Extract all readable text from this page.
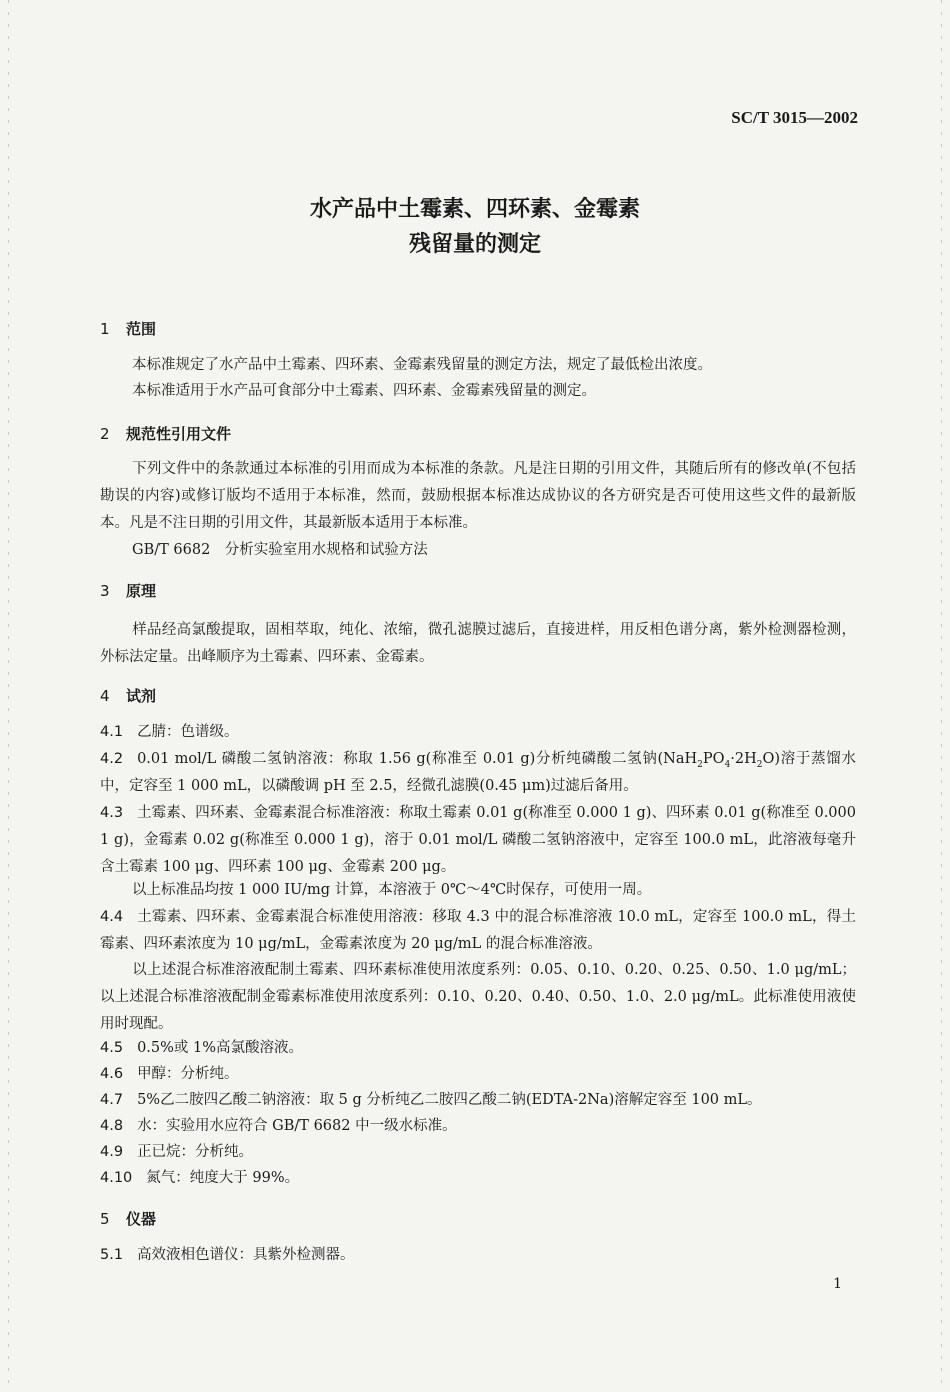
SC/T 3015—2002
水产品中土霉素、四环素、金霉素
残留量的测定
1 范围
本标准规定了水产品中土霉素、四环素、金霉素残留量的测定方法，规定了最低检出浓度。
本标准适用于水产品可食部分中土霉素、四环素、金霉素残留量的测定。
2 规范性引用文件
下列文件中的条款通过本标准的引用而成为本标准的条款。凡是注日期的引用文件，其随后所有的修改单(不包括勘误的内容)或修订版均不适用于本标准，然而，鼓励根据本标准达成协议的各方研究是否可使用这些文件的最新版本。凡是不注日期的引用文件，其最新版本适用于本标准。
GB/T 6682　分析实验室用水规格和试验方法
3 原理
样品经高氯酸提取，固相萃取，纯化、浓缩，微孔滤膜过滤后，直接进样，用反相色谱分离，紫外检测器检测，外标法定量。出峰顺序为土霉素、四环素、金霉素。
4 试剂
4.1 乙腈：色谱级。
4.2 0.01 mol/L 磷酸二氢钠溶液：称取 1.56 g(称准至 0.01 g)分析纯磷酸二氢钠$(NaH_2PO_4\cdot 2H_2O)$溶于蒸馏水中，定容至 1 000 mL，以磷酸调 pH 至 2.5，经微孔滤膜(0.45 μm)过滤后备用。
4.3 土霉素、四环素、金霉素混合标准溶液：称取土霉素 0.01 g(称准至 0.000 1 g)、四环素 0.01 g(称准至 0.000 1 g)，金霉素 0.02 g(称准至 0.000 1 g)，溶于 0.01 mol/L 磷酸二氢钠溶液中，定容至 100.0 mL，此溶液每毫升含土霉素 100 μg、四环素 100 μg、金霉素 200 μg。
以上标准品均按 1 000 IU/mg 计算，本溶液于 0℃～4℃时保存，可使用一周。
4.4 土霉素、四环素、金霉素混合标准使用溶液：移取 4.3 中的混合标准溶液 10.0 mL，定容至 100.0 mL，得土霉素、四环素浓度为 10 μg/mL，金霉素浓度为 20 μg/mL 的混合标准溶液。
以上述混合标准溶液配制土霉素、四环素标准使用浓度系列：0.05、0.10、0.20、0.25、0.50、1.0 μg/mL；以上述混合标准溶液配制金霉素标准使用浓度系列：0.10、0.20、0.40、0.50、1.0、2.0 μg/mL。此标准使用液使用时现配。
4.5 0.5%或 1%高氯酸溶液。
4.6 甲醇：分析纯。
4.7 5%乙二胺四乙酸二钠溶液：取 5 g 分析纯乙二胺四乙酸二钠(EDTA-2Na)溶解定容至 100 mL。
4.8 水：实验用水应符合 GB/T 6682 中一级水标准。
4.9 正已烷：分析纯。
4.10 氮气：纯度大于 99%。
5 仪器
5.1 高效液相色谱仪：具紫外检测器。
1
